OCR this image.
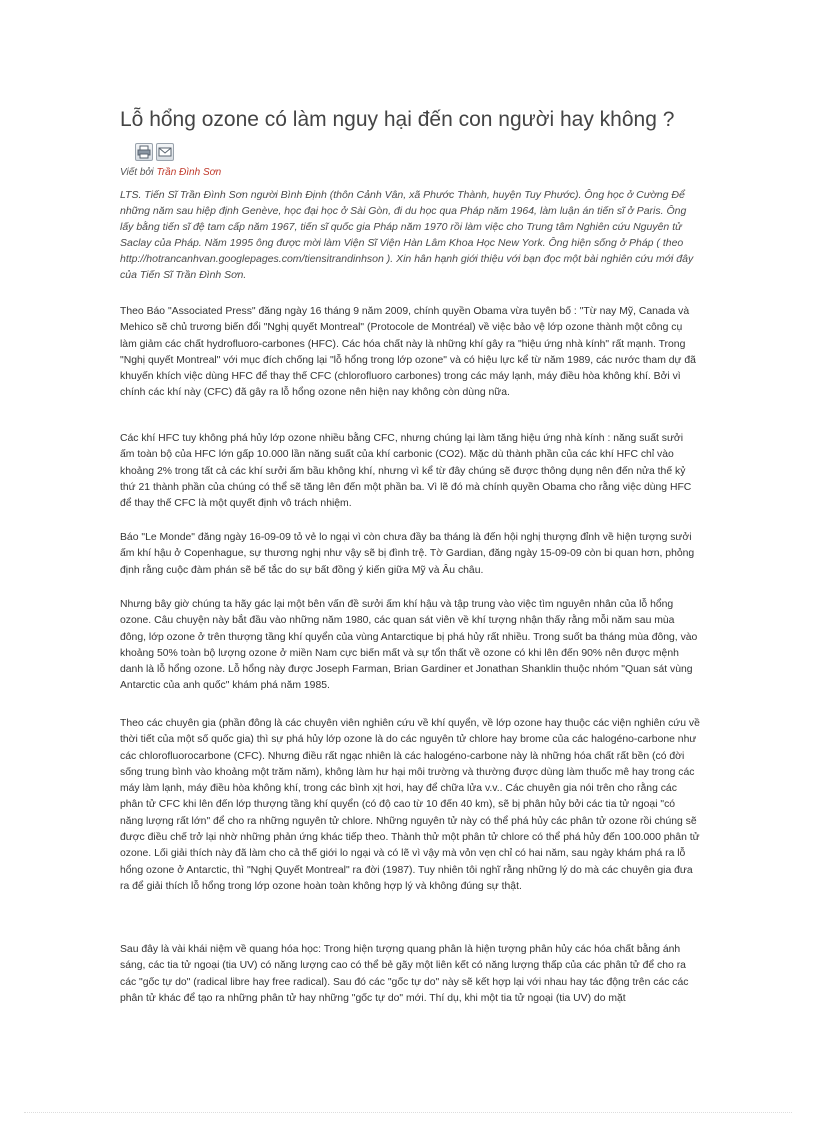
Lỗ hổng ozone có làm nguy hại đến con người hay không ?
Viết bởi Trần Đình Sơn

LTS. Tiến Sĩ Trần Đình Sơn người Bình Định (thôn Cảnh Vân, xã Phước Thành, huyện Tuy Phước). Ông học ở Cường Để những năm sau hiệp định Genève, học đại học ở Sài Gòn, đi du học qua Pháp năm 1964, làm luận án tiến sĩ ở Paris. Ông lấy bằng tiến sĩ đệ tam cấp năm 1967, tiến sĩ quốc gia Pháp năm 1970 rồi làm việc cho Trung tâm Nghiên cứu Nguyên tử Saclay của Pháp. Năm 1995 ông được mời làm Viện Sĩ Viện Hàn Lâm Khoa Học New York. Ông hiện sống ở Pháp ( theo http://hotrancanhvan.googlepages.com/tiensitrandinhson ). Xin hân hạnh giới thiệu với bạn đọc một bài nghiên cứu mới đây của Tiến Sĩ Trần Đình Sơn.

Theo Báo "Associated Press" đăng ngày 16 tháng 9 năm 2009, chính quyền Obama vừa tuyên bố : "Từ nay Mỹ, Canada và Mehico sẽ chủ trương biến đổi "Nghị quyết Montreal" (Protocole de Montréal) về việc bảo vệ lớp ozone thành một công cụ làm giảm các chất hydrofluoro-carbones (HFC). Các hóa chất này là những khí gây ra "hiệu ứng nhà kính" rất mạnh. Trong "Nghị quyết Montreal" với mục đích chống lại "lỗ hổng trong lớp ozone" và có hiệu lực kể từ năm 1989, các nước tham dự đã khuyến khích việc dùng HFC để thay thế CFC (chlorofluoro carbones) trong các máy lạnh, máy điều hòa không khí. Bởi vì chính các khí này (CFC) đã gây ra lỗ hổng ozone nên hiện nay không còn dùng nữa.

Các khí HFC tuy không phá hủy lớp ozone nhiều bằng CFC, nhưng chúng lại làm tăng hiệu ứng nhà kính : năng suất sưởi ấm toàn bộ của HFC lớn gấp 10.000 lần năng suất của khí carbonic (CO2). Mặc dù thành phần của các khí HFC chỉ vào khoảng 2% trong tất cả các khí sưởi ấm bầu không khí, nhưng vì kể từ đây chúng sẽ được thông dụng nên đến nửa thế kỷ thứ 21 thành phần của chúng có thể sẽ tăng lên đến một phần ba. Vì lẽ đó mà chính quyền Obama cho rằng việc dùng HFC để thay thế CFC là một quyết định vô trách nhiệm.

Báo "Le Monde" đăng ngày 16-09-09 tỏ vẻ lo ngại vì còn chưa đầy ba tháng là đến hội nghị thượng đỉnh về hiện tượng sưởi ấm khí hậu ở Copenhague, sự thương nghị như vậy sẽ bị đình trệ. Tờ Gardian, đăng ngày 15-09-09 còn bi quan hơn, phỏng định rằng cuộc đàm phán sẽ bế tắc do sự bất đồng ý kiến giữa Mỹ và Âu châu.

Nhưng bây giờ chúng ta hãy gác lại một bên vấn đề sưởi ấm khí hậu và tập trung vào việc tìm nguyên nhân của lỗ hổng ozone. Câu chuyện này bắt đầu vào những năm 1980, các quan sát viên về khí tượng nhận thấy rằng mỗi năm sau mùa đông, lớp ozone ở trên thượng tầng khí quyển của vùng Antarctique bị phá hủy rất nhiều. Trong suốt ba tháng mùa đông, vào khoảng 50% toàn bộ lượng ozone ở miền Nam cực biến mất và sự tổn thất về ozone có khi lên đến 90% nên được mệnh danh là lỗ hổng ozone. Lỗ hổng này được Joseph Farman, Brian Gardiner et Jonathan Shanklin thuộc nhóm "Quan sát vùng Antarctic của anh quốc" khám phá năm 1985.

Theo các chuyên gia (phần đông là các chuyên viên nghiên cứu về khí quyển, về lớp ozone hay thuộc các viện nghiên cứu về thời tiết của một số quốc gia) thì sự phá hủy lớp ozone là do các nguyên tử chlore hay brome của các halogéno-carbone như các chlorofluorocarbone (CFC). Nhưng điều rất ngạc nhiên là các halogéno-carbone này là những hóa chất rất bền (có đời sống trung bình vào khoảng một trăm năm), không làm hư hại môi trường và thường được dùng làm thuốc mê hay trong các máy làm lạnh, máy điều hòa không khí, trong các bình xịt hơi, hay để chữa lửa v.v.. Các chuyên gia nói trên cho rằng các phân tử CFC khi lên đến lớp thượng tầng khí quyển (có độ cao từ 10 đến 40 km), sẽ bị phân hủy bởi các tia tử ngoại "có năng lượng rất lớn" để cho ra những nguyên tử chlore. Những nguyên tử này có thể phá hủy các phân tử ozone rồi chúng sẽ được điều chế trở lại nhờ những phản ứng khác tiếp theo. Thành thử một phân tử chlore có thể phá hủy đến 100.000 phân tử ozone. Lối giải thích này đã làm cho cả thế giới lo ngại và có lẽ vì vậy mà vỏn vẹn chỉ có hai năm, sau ngày khám phá ra lỗ hổng ozone ở Antarctic, thì "Nghị Quyết Montreal" ra đời (1987). Tuy nhiên tôi nghĩ rằng những lý do mà các chuyên gia đưa ra để giải thích lỗ hổng trong lớp ozone hoàn toàn không hợp lý và không đúng sự thật.

Sau đây là vài khái niệm về quang hóa học: Trong hiện tượng quang phân là hiện tượng phân hủy các hóa chất bằng ánh sáng, các tia tử ngoại (tia UV) có năng lượng cao có thể bẻ gãy một liên kết có năng lượng thấp của các phân tử để cho ra các "gốc tự do" (radical libre hay free radical). Sau đó các "gốc tự do" này sẽ kết hợp lại với nhau hay tác động trên các các phân tử khác để tạo ra những phân tử hay những "gốc tự do" mới. Thí dụ, khi một tia tử ngoại (tia UV) do mặt
